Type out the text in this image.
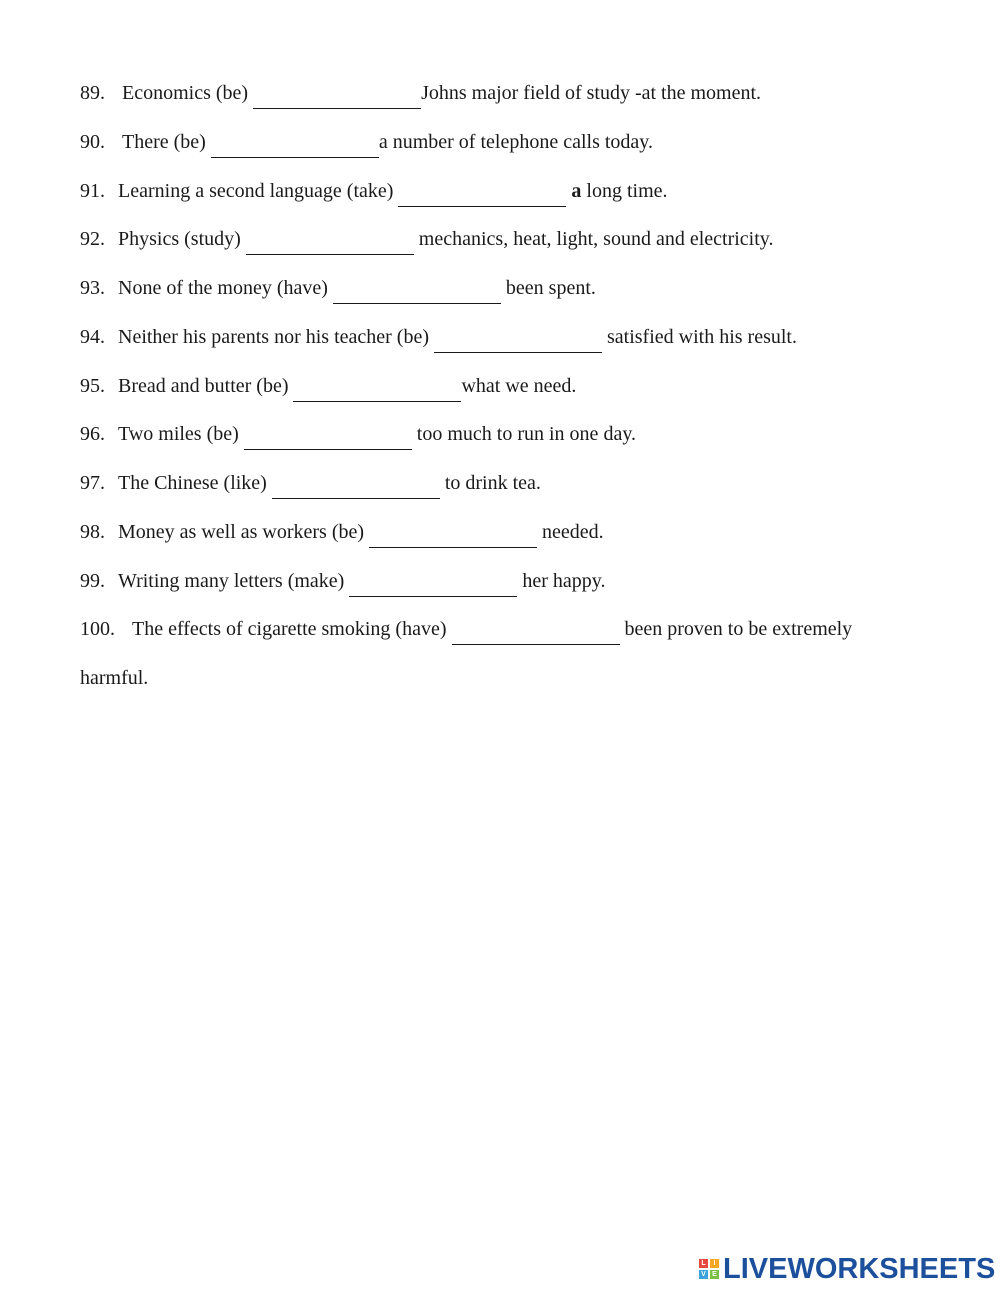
89. Economics (be)	Johns major field of study -at the moment.
90. There (be)	a number of telephone calls today.
91. Learning a second language (take)	a long time.
92. Physics (study)	mechanics, heat, light, sound and electricity.
93. None of the money (have)	been spent.
94. Neither his parents nor his teacher (be)	satisfied with his result.
95. Bread and butter (be)	what we need.
96. Two miles (be)	too much to run in one day.
97. The Chinese (like)	to drink tea.
98. Money as well as workers (be)	needed.
99. Writing many letters (make)	her happy.
100. The effects of cigarette smoking (have)	been proven to be extremely
harmful.
L	I
V E LIVEWORKSHEETS
